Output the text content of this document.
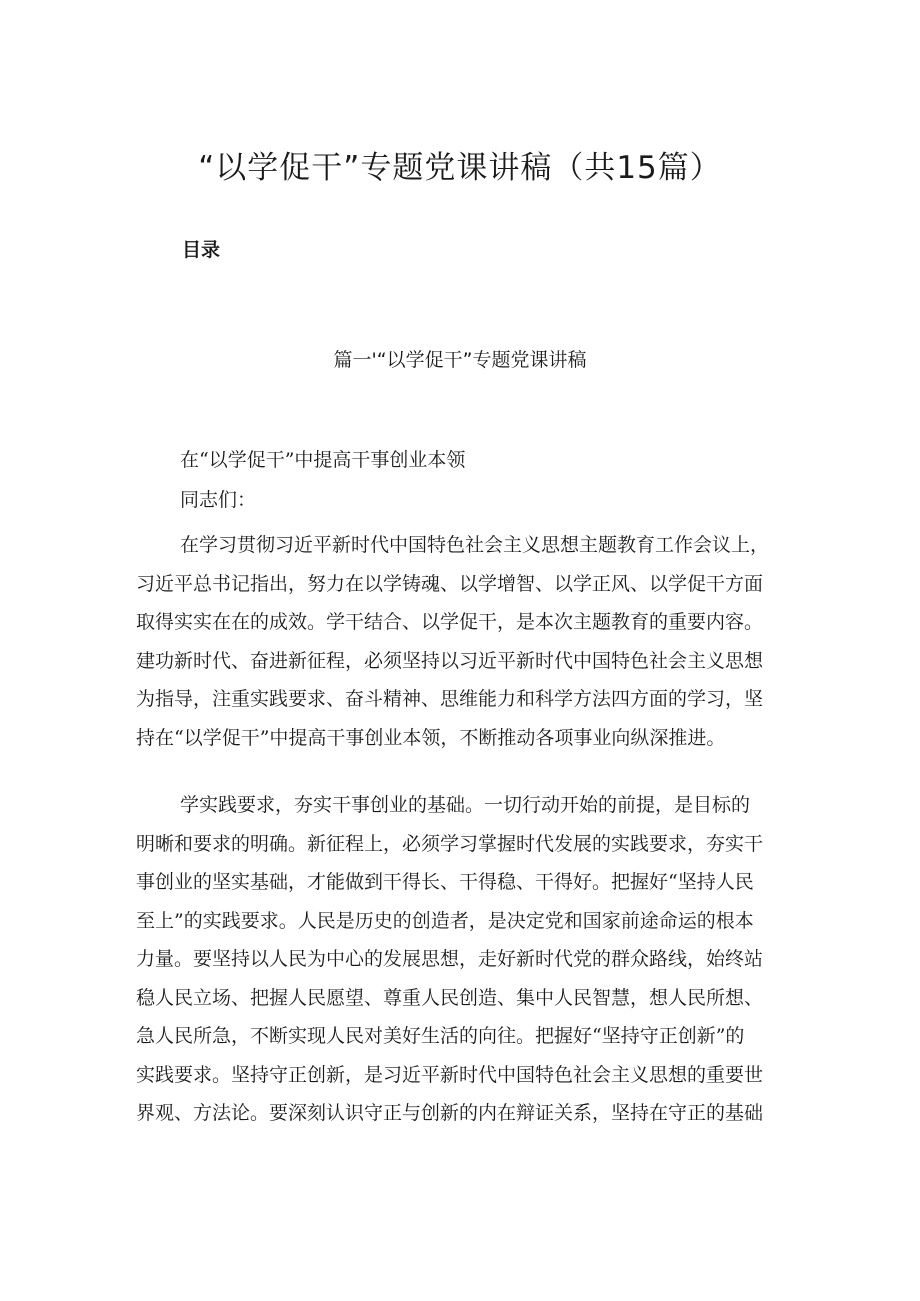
“以学促干”专题党课讲稿（共15篇）
目录
篇一'“以学促干”专题党课讲稿
在“以学促干”中提高干事创业本领
同志们：
在学习贯彻习近平新时代中国特色社会主义思想主题教育工作会议上，
习近平总书记指出，努力在以学铸魂、以学增智、以学正风、以学促干方面
取得实实在在的成效。学干结合、以学促干，是本次主题教育的重要内容。
建功新时代、奋进新征程，必须坚持以习近平新时代中国特色社会主义思想
为指导，注重实践要求、奋斗精神、思维能力和科学方法四方面的学习，坚
持在“以学促干”中提高干事创业本领，不断推动各项事业向纵深推进。
学实践要求，夯实干事创业的基础。一切行动开始的前提，是目标的
明晰和要求的明确。新征程上，必须学习掌握时代发展的实践要求，夯实干
事创业的坚实基础，才能做到干得长、干得稳、干得好。把握好“坚持人民
至上”的实践要求。人民是历史的创造者，是决定党和国家前途命运的根本
力量。要坚持以人民为中心的发展思想，走好新时代党的群众路线，始终站
稳人民立场、把握人民愿望、尊重人民创造、集中人民智慧，想人民所想、
急人民所急，不断实现人民对美好生活的向往。把握好“坚持守正创新”的
实践要求。坚持守正创新，是习近平新时代中国特色社会主义思想的重要世
界观、方法论。要深刻认识守正与创新的内在辩证关系，坚持在守正的基础
